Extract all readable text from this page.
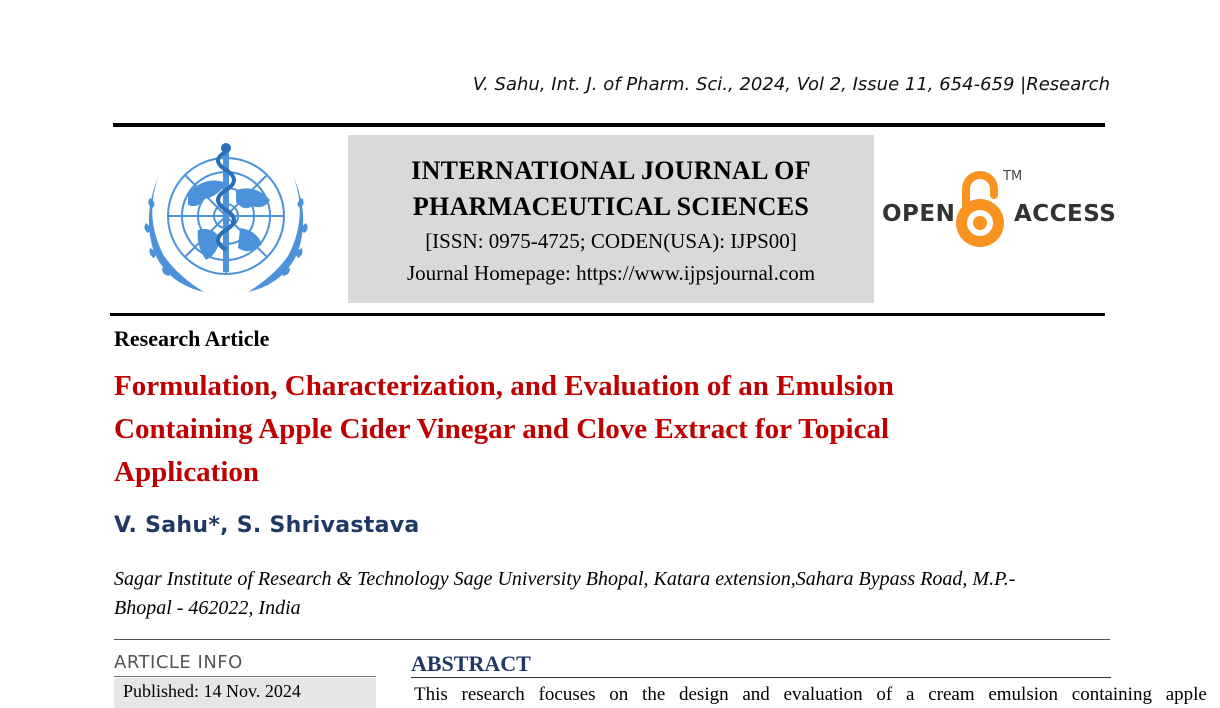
V. Sahu, Int. J. of Pharm. Sci., 2024, Vol 2, Issue 11, 654-659 |Research
INTERNATIONAL JOURNAL OF
PHARMACEUTICAL SCIENCES
[ISSN: 0975-4725; CODEN(USA): IJPS00]
Journal Homepage: https://www.ijpsjournal.com
OPEN
TM
ACCESS
Research Article
Formulation, Characterization, and Evaluation of an Emulsion
Containing Apple Cider Vinegar and Clove Extract for Topical
Application
V. Sahu*, S. Shrivastava
Sagar Institute of Research & Technology Sage University Bhopal, Katara extension,Sahara Bypass Road, M.P.-
Bhopal - 462022, India
ARTICLE INFO
Published: 14 Nov. 2024
ABSTRACT
This research focuses on the design and evaluation of a cream emulsion containing apple
